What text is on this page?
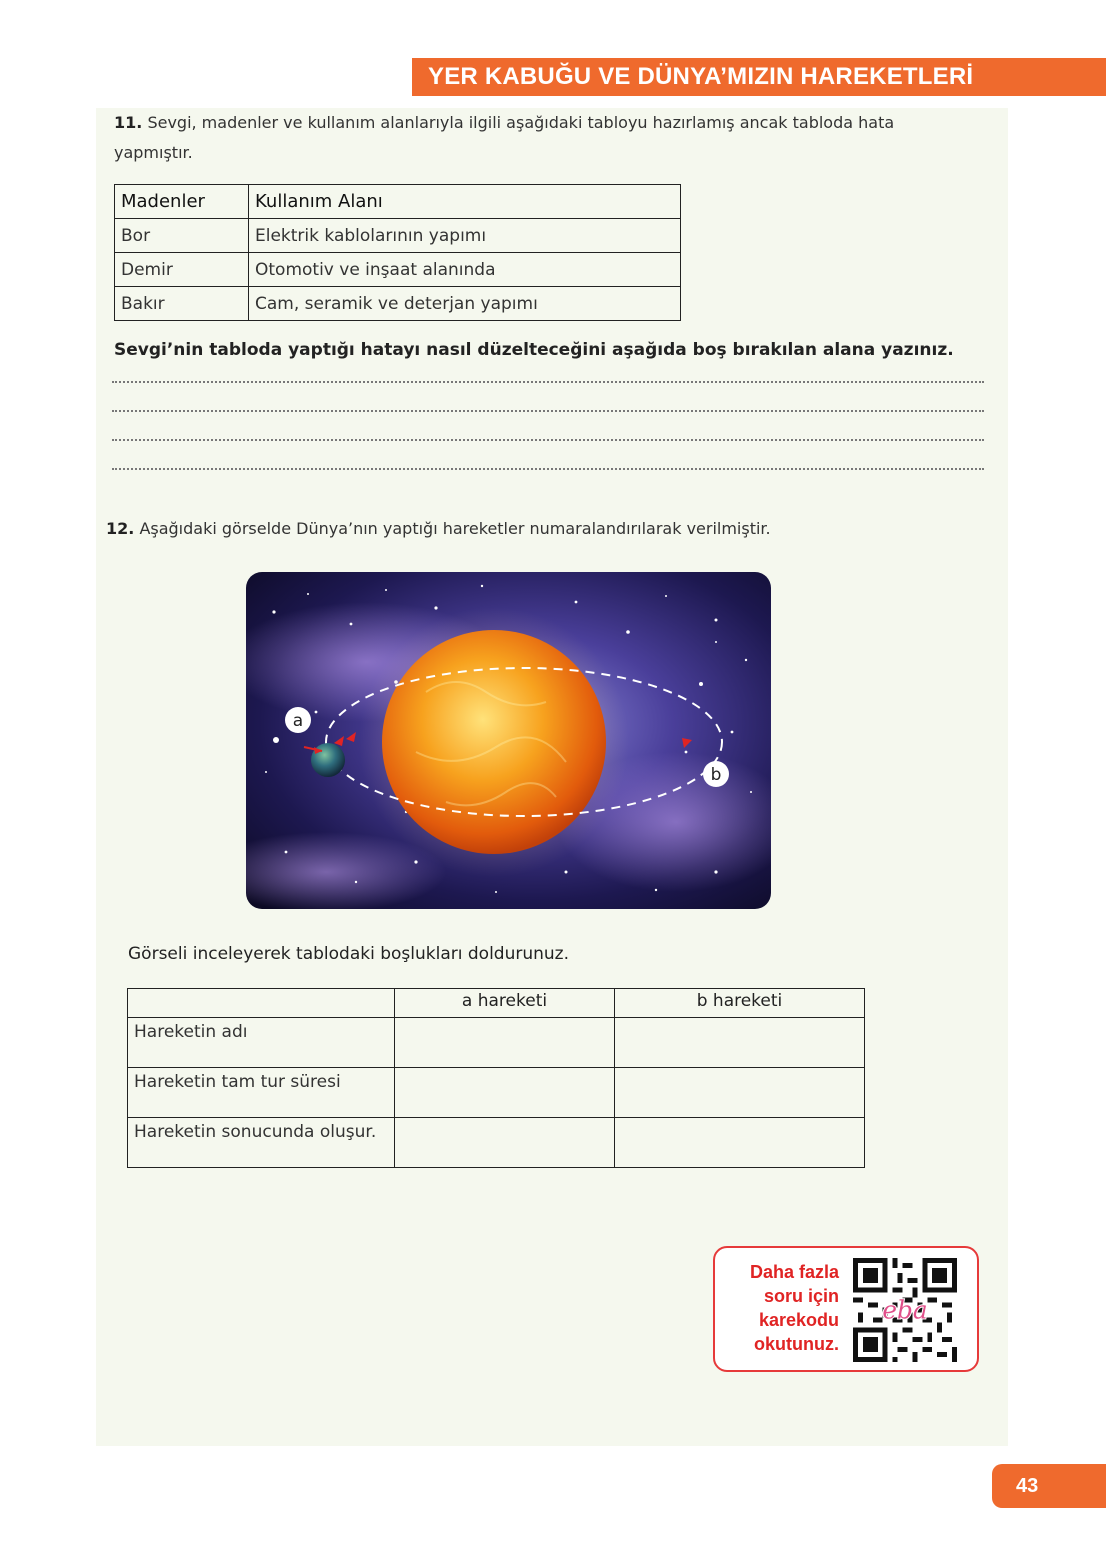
YER KABUĞU VE DÜNYA’MIZIN HAREKETLERİ
11. Sevgi, madenler ve kullanım alanlarıyla ilgili aşağıdaki tabloyu hazırlamış ancak tabloda hata
yapmıştır.
Madenler	Kullanım Alanı
Bor	Elektrik kablolarının yapımı
Demir	Otomotiv ve inşaat alanında
Bakır	Cam, seramik ve deterjan yapımı
Sevgi’nin tabloda yaptığı hatayı nasıl düzelteceğini aşağıda boş bırakılan alana yazınız.
12. Aşağıdaki görselde Dünya’nın yaptığı hareketler numaralandırılarak verilmiştir.
a
b
Görseli inceleyerek tablodaki boşlukları doldurunuz.
	a hareketi	b hareketi
Hareketin adı		
Hareketin tam tur süresi		
Hareketin sonucunda oluşur.		
Daha fazla
soru için
karekodu
okutunuz.
eba
43
